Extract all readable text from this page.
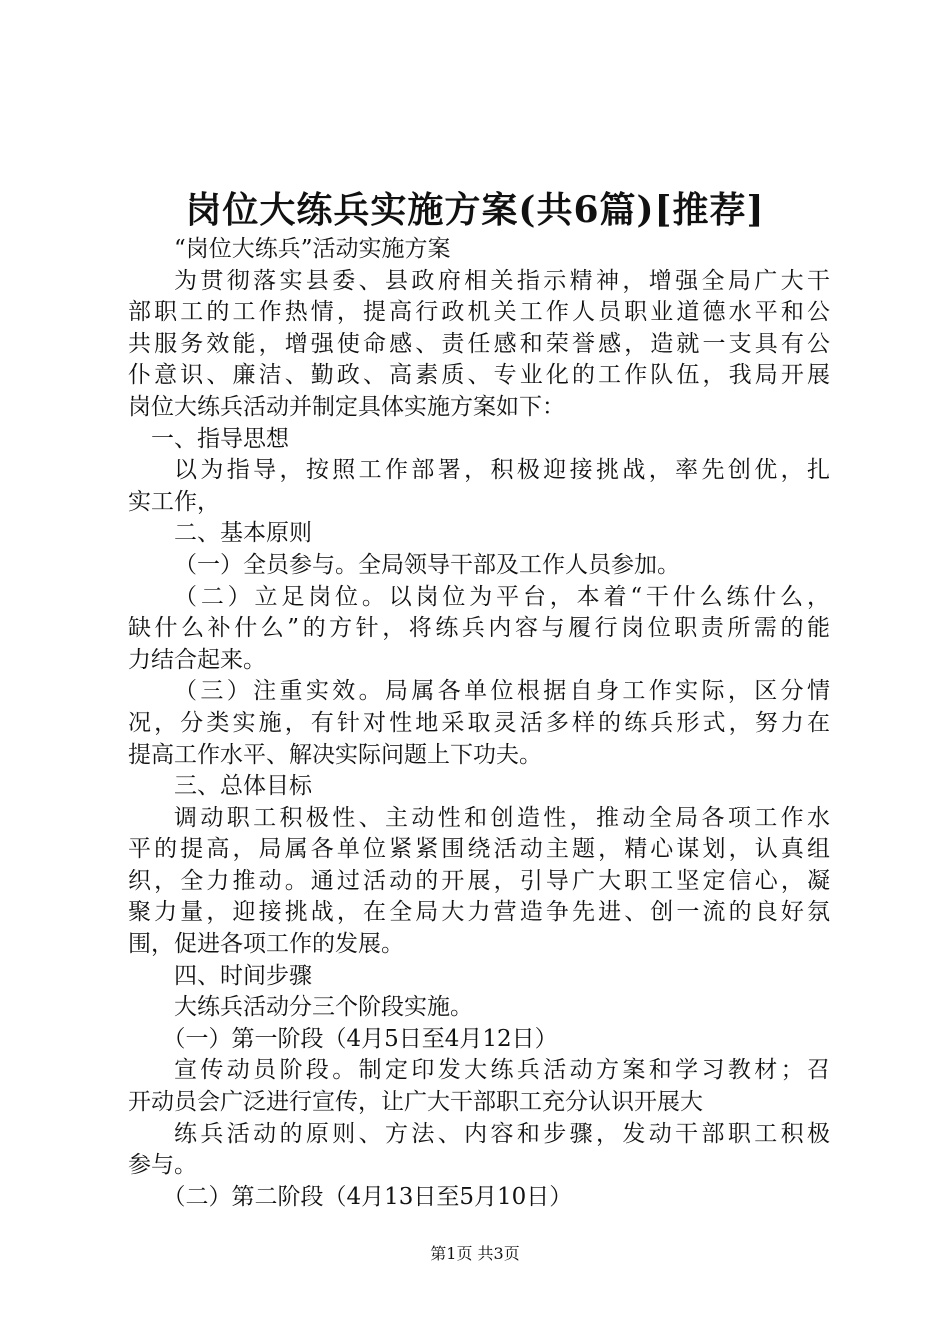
岗位大练兵实施方案(共6篇)[推荐]
“岗位大练兵”活动实施方案
为贯彻落实县委、县政府相关指示精神，增强全局广大干
部职工的工作热情，提高行政机关工作人员职业道德水平和公
共服务效能，增强使命感、责任感和荣誉感，造就一支具有公
仆意识、廉洁、勤政、高素质、专业化的工作队伍，我局开展
岗位大练兵活动并制定具体实施方案如下：
一、指导思想
以为指导，按照工作部署，积极迎接挑战，率先创优，扎
实工作，
二、基本原则
（一）全员参与。全局领导干部及工作人员参加。
（二）立足岗位。以岗位为平台，本着“干什么练什么，
缺什么补什么”的方针，将练兵内容与履行岗位职责所需的能
力结合起来。
（三）注重实效。局属各单位根据自身工作实际，区分情
况，分类实施，有针对性地采取灵活多样的练兵形式，努力在
提高工作水平、解决实际问题上下功夫。
三、总体目标
调动职工积极性、主动性和创造性，推动全局各项工作水
平的提高，局属各单位紧紧围绕活动主题，精心谋划，认真组
织，全力推动。通过活动的开展，引导广大职工坚定信心，凝
聚力量，迎接挑战，在全局大力营造争先进、创一流的良好氛
围，促进各项工作的发展。
四、时间步骤
大练兵活动分三个阶段实施。
（一）第一阶段（4月5日至4月12日）
宣传动员阶段。制定印发大练兵活动方案和学习教材；召
开动员会广泛进行宣传，让广大干部职工充分认识开展大
练兵活动的原则、方法、内容和步骤，发动干部职工积极
参与。
（二）第二阶段（4月13日至5月10日）
第1页 共3页
